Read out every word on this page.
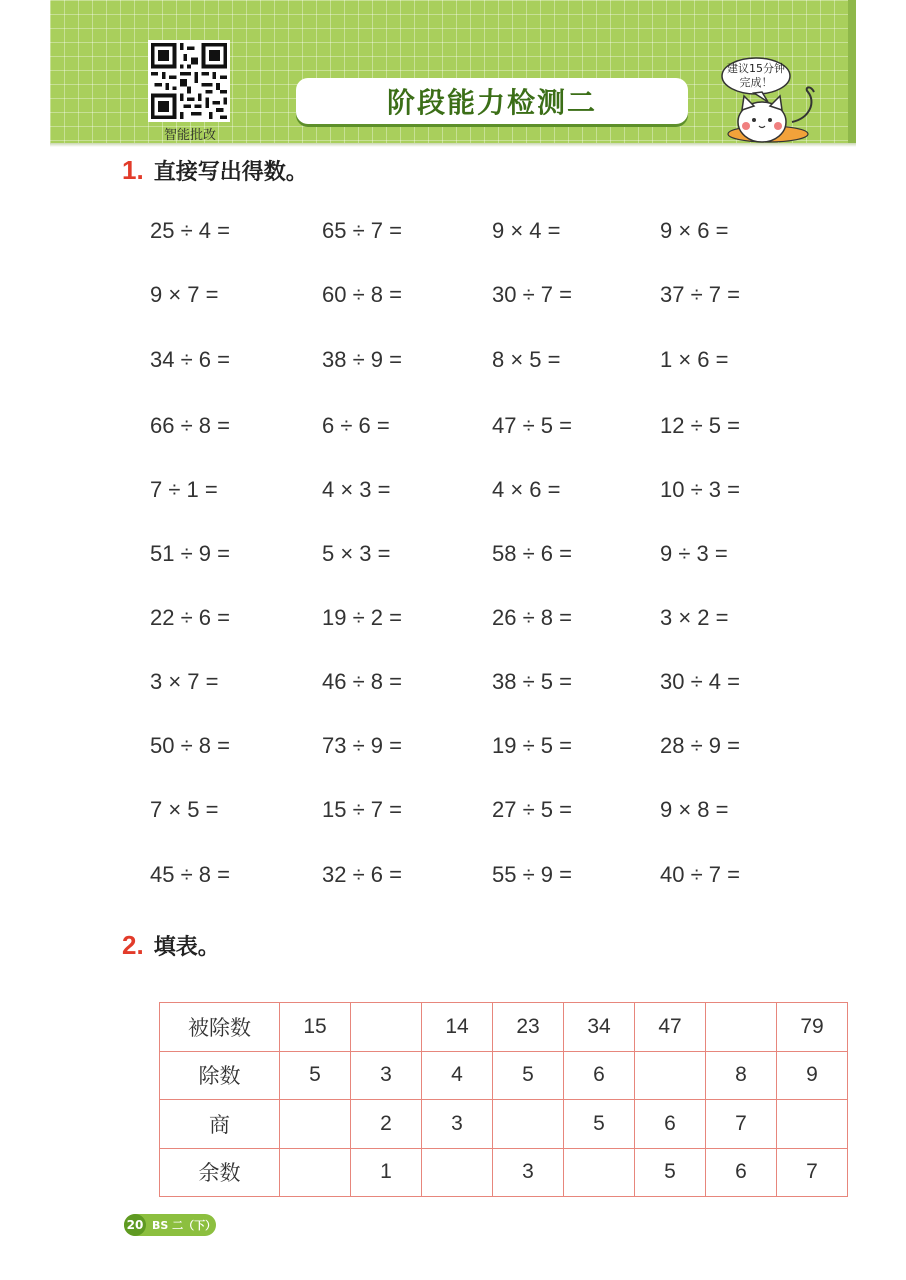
智能批改
阶段能力检测二
建议15分钟
完成！
1. 直接写出得数。
25 ÷ 4 =	65 ÷ 7 =	9 × 4 =	9 × 6 =
9 × 7 =	60 ÷ 8 =	30 ÷ 7 =	37 ÷ 7 =
34 ÷ 6 =	38 ÷ 9 =	8 × 5 =	1 × 6 =
66 ÷ 8 =	6 ÷ 6 =	47 ÷ 5 =	12 ÷ 5 =
7 ÷ 1 =	4 × 3 =	4 × 6 =	10 ÷ 3 =
51 ÷ 9 =	5 × 3 =	58 ÷ 6 =	9 ÷ 3 =
22 ÷ 6 =	19 ÷ 2 =	26 ÷ 8 =	3 × 2 =
3 × 7 =	46 ÷ 8 =	38 ÷ 5 =	30 ÷ 4 =
50 ÷ 8 =	73 ÷ 9 =	19 ÷ 5 =	28 ÷ 9 =
7 × 5 =	15 ÷ 7 =	27 ÷ 5 =	9 × 8 =
45 ÷ 8 =	32 ÷ 6 =	55 ÷ 9 =	40 ÷ 7 =
2. 填表。
被除数	15		14	23	34	47		79
除数	5	3	4	5	6		8	9
商		2	3		5	6	7	
余数		1		3		5	6	7
20 BS 二（下）
